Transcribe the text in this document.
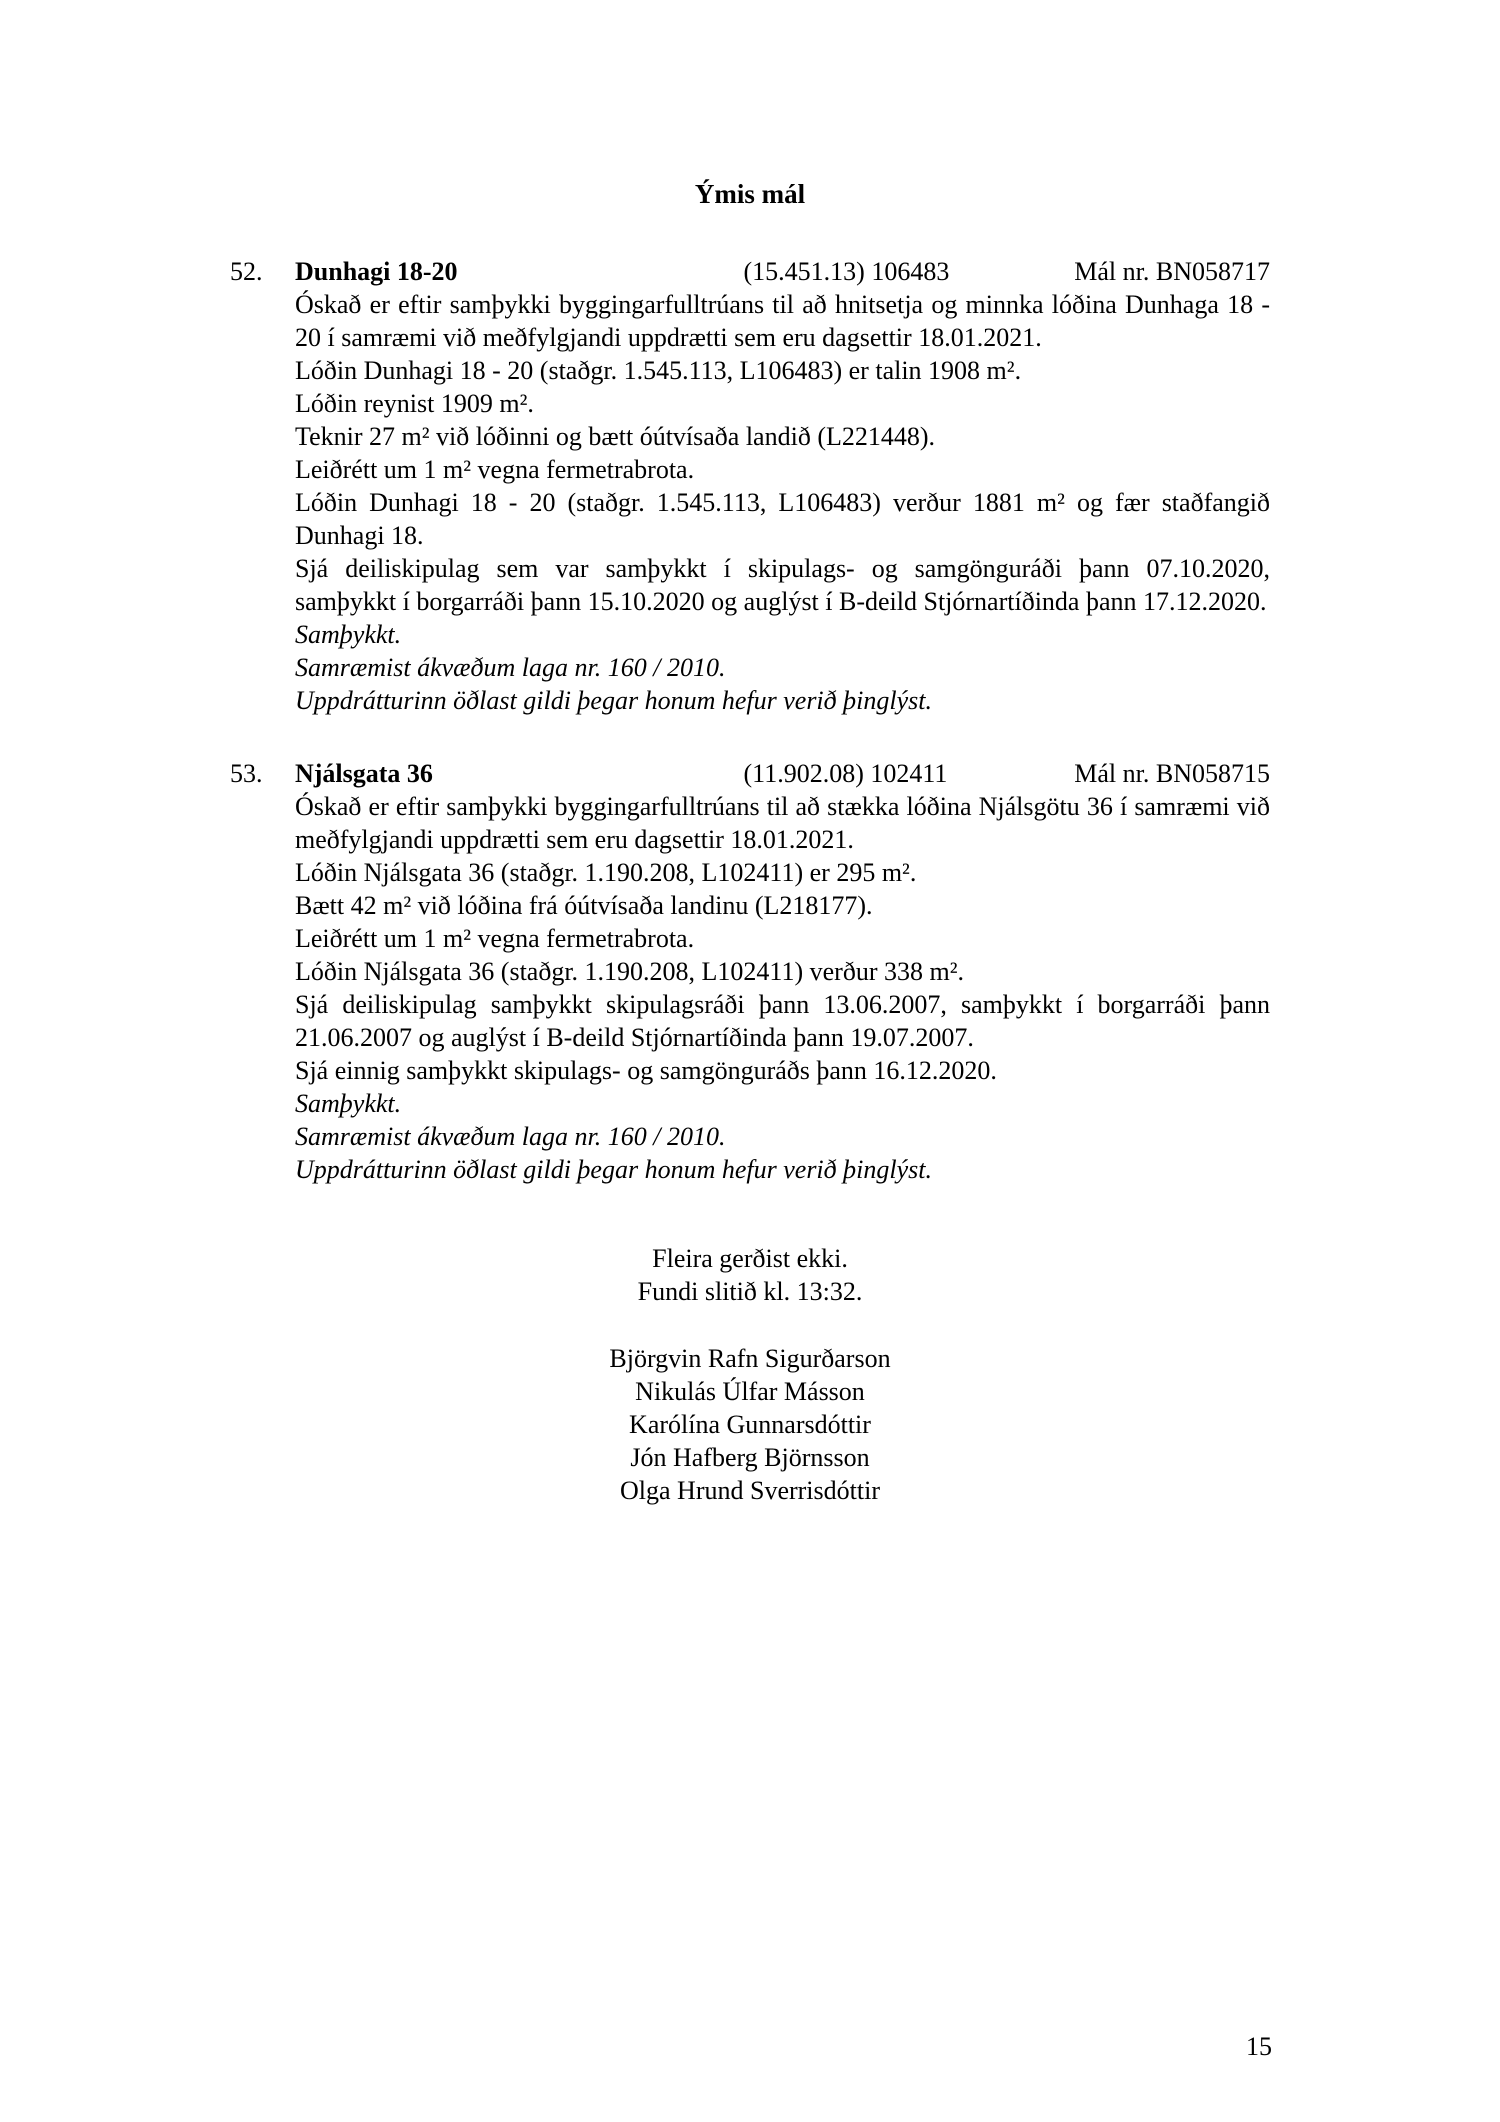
Ýmis mál
52.	Dunhagi 18-20	(15.451.13) 106483	Mál nr. BN058717

Óskað er eftir samþykki byggingarfulltrúans til að hnitsetja og minnka lóðina Dunhaga 18 - 20 í samræmi við meðfylgjandi uppdrætti sem eru dagsettir 18.01.2021.

Lóðin Dunhagi 18 - 20 (staðgr. 1.545.113, L106483) er talin 1908 m².

Lóðin reynist 1909 m².

Teknir 27 m² við lóðinni og bætt óútvísaða landið (L221448).

Leiðrétt um 1 m² vegna fermetrabrota.

Lóðin Dunhagi 18 - 20 (staðgr. 1.545.113, L106483) verður 1881 m² og fær staðfangið Dunhagi 18.

Sjá deiliskipulag sem var samþykkt í skipulags- og samgönguráði þann 07.10.2020, samþykkt í borgarráði þann 15.10.2020 og auglýst í B-deild Stjórnartíðinda þann 17.12.2020.

Samþykkt.

Samræmist ákvæðum laga nr. 160 / 2010.

Uppdrátturinn öðlast gildi þegar honum hefur verið þinglýst.

53.	Njálsgata 36	(11.902.08) 102411	Mál nr. BN058715

Óskað er eftir samþykki byggingarfulltrúans til að stækka lóðina Njálsgötu 36 í samræmi við meðfylgjandi uppdrætti sem eru dagsettir 18.01.2021.

Lóðin Njálsgata 36 (staðgr. 1.190.208, L102411) er 295 m².

Bætt 42 m² við lóðina frá óútvísaða landinu (L218177).

Leiðrétt um 1 m² vegna fermetrabrota.

Lóðin Njálsgata 36 (staðgr. 1.190.208, L102411) verður 338 m².

Sjá deiliskipulag samþykkt skipulagsráði þann 13.06.2007, samþykkt í borgarráði þann 21.06.2007 og auglýst í B-deild Stjórnartíðinda þann 19.07.2007.

Sjá einnig samþykkt skipulags- og samgönguráðs þann 16.12.2020.

Samþykkt.

Samræmist ákvæðum laga nr. 160 / 2010.

Uppdrátturinn öðlast gildi þegar honum hefur verið þinglýst.

Fleira gerðist ekki.

Fundi slitið kl. 13:32.

Björgvin Rafn Sigurðarson

Nikulás Úlfar Másson

Karólína Gunnarsdóttir

Jón Hafberg Björnsson

Olga Hrund Sverrisdóttir

15
